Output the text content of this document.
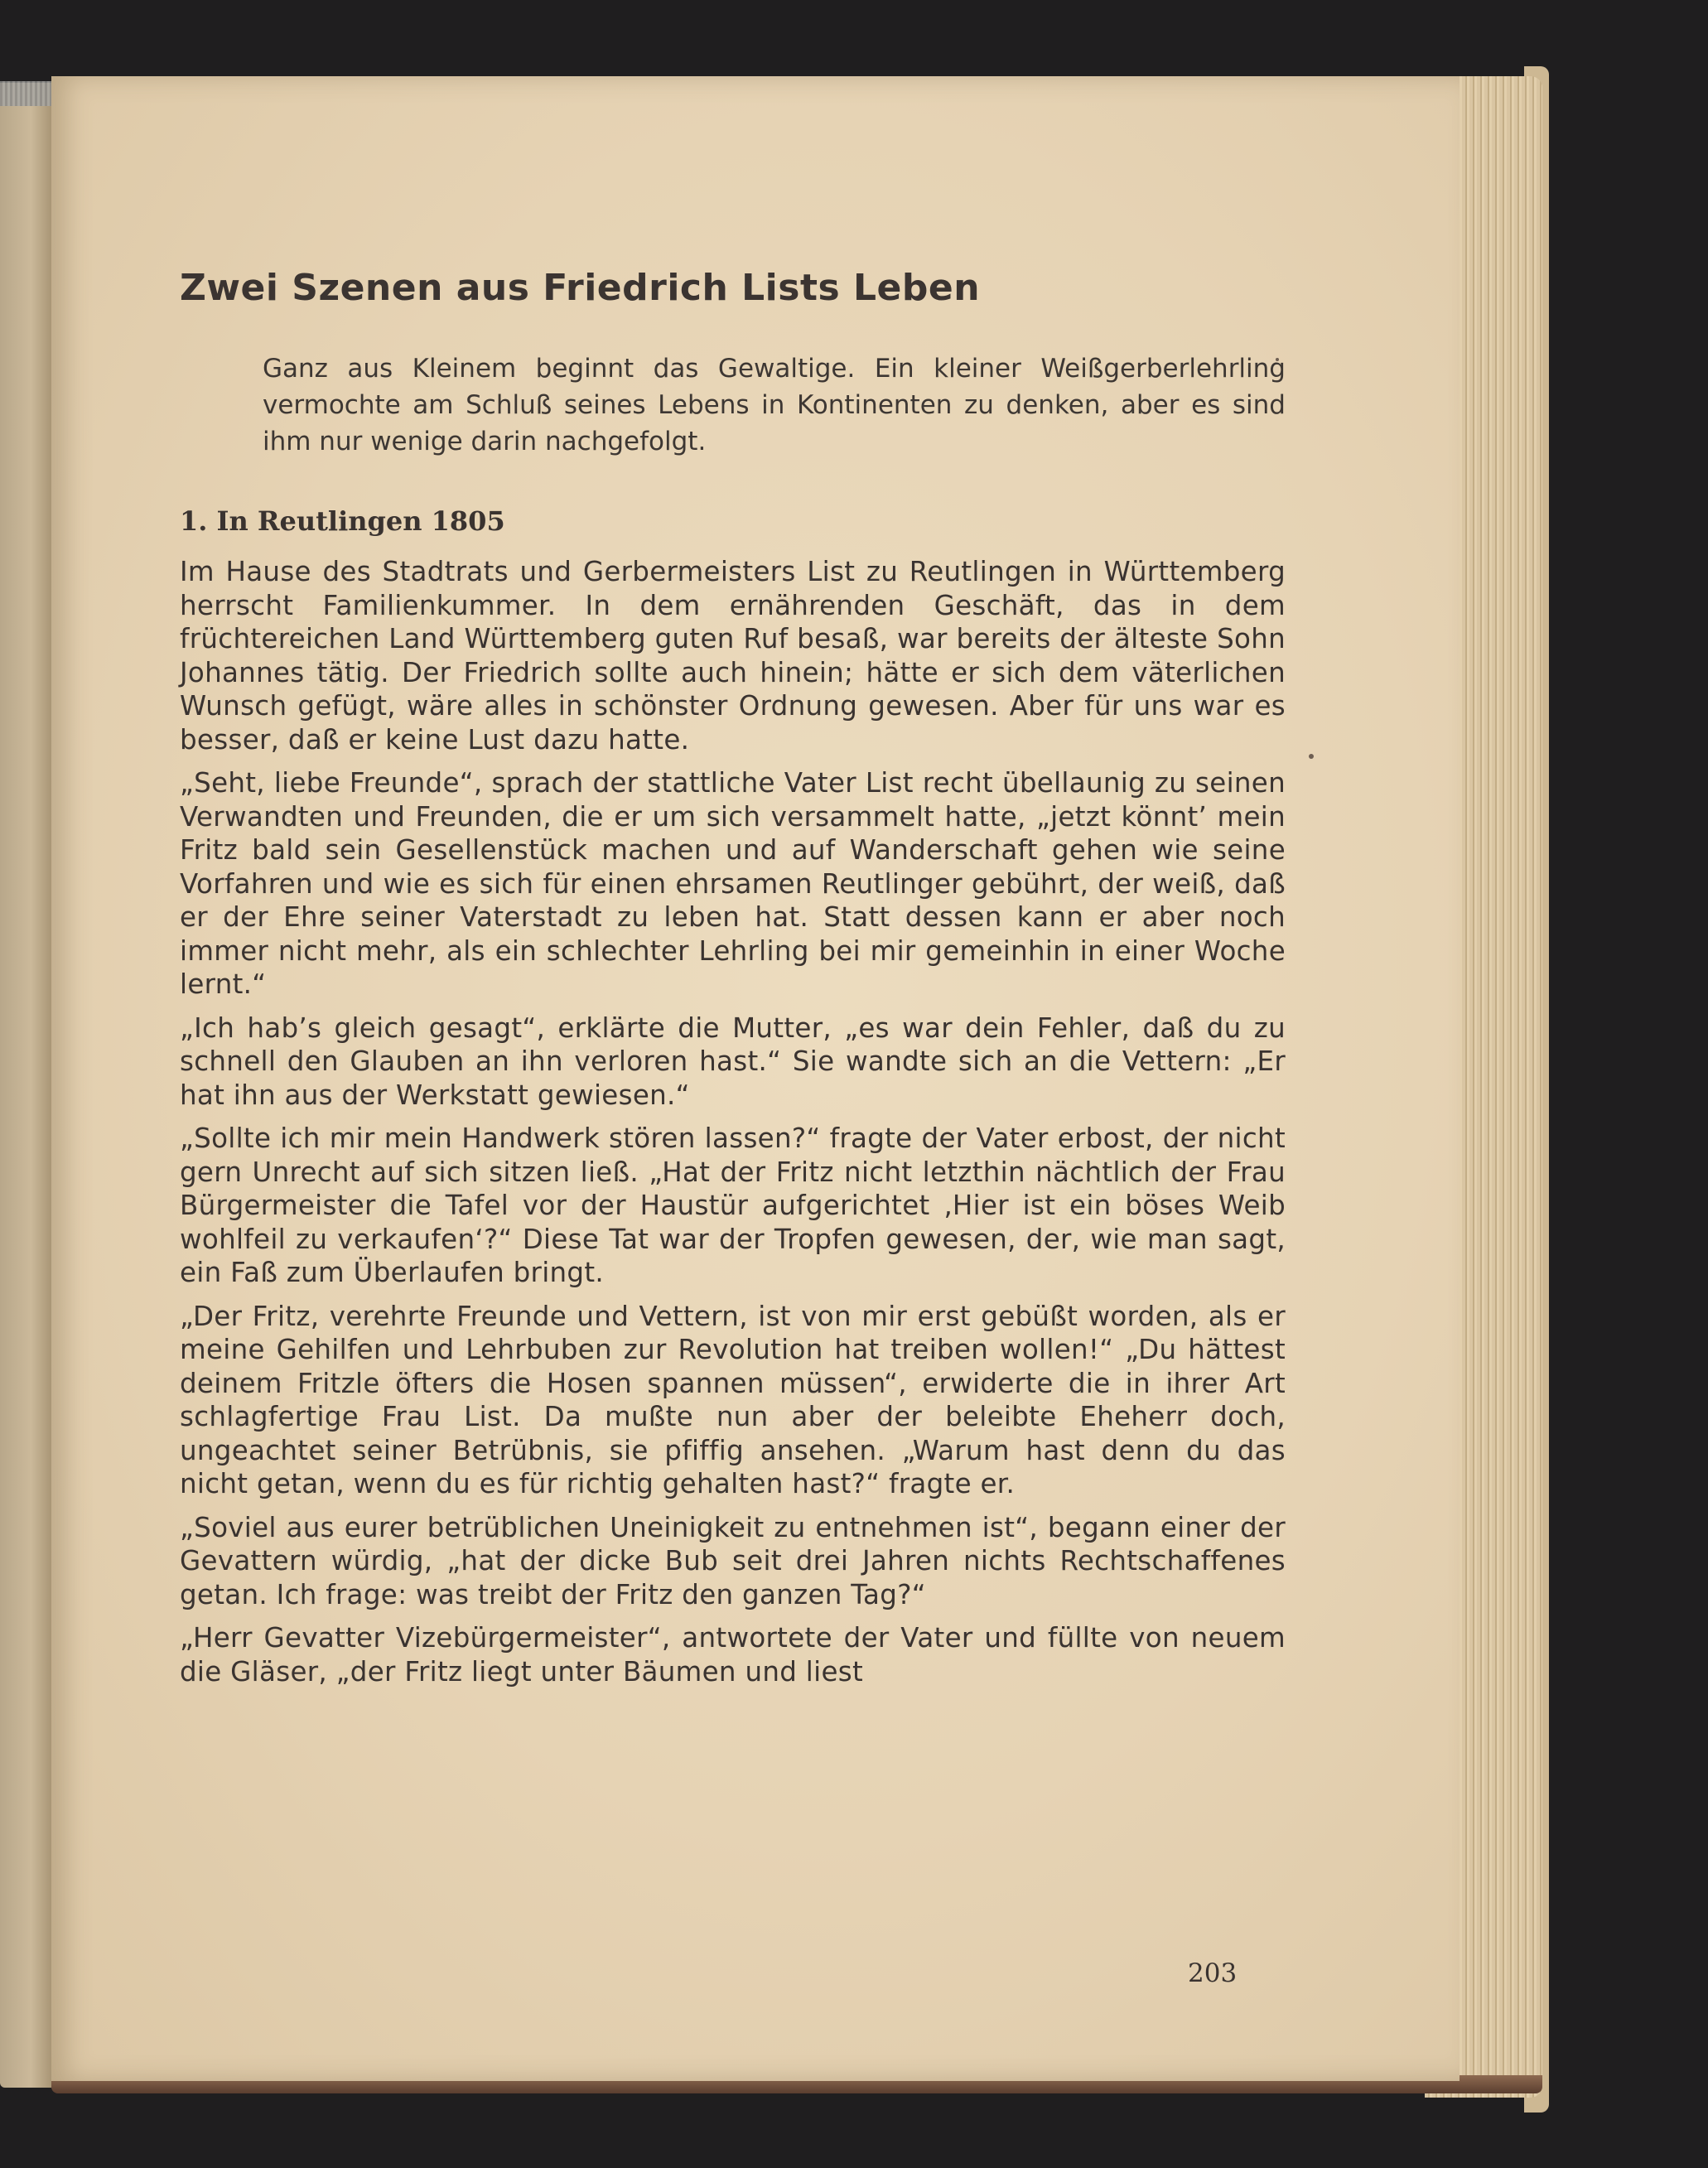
Zwei Szenen aus Friedrich Lists Leben

Ganz aus Kleinem beginnt das Gewaltige. Ein kleiner Weißgerberlehrling vermochte am Schluß seines Lebens in Kontinenten zu denken, aber es sind ihm nur wenige darin nachgefolgt.

1. In Reutlingen 1805

Im Hause des Stadtrats und Gerbermeisters List zu Reutlingen in Württemberg herrscht Familienkummer. In dem ernährenden Geschäft, das in dem früchtereichen Land Württemberg guten Ruf besaß, war bereits der älteste Sohn Johannes tätig. Der Friedrich sollte auch hinein; hätte er sich dem väterlichen Wunsch gefügt, wäre alles in schönster Ordnung gewesen. Aber für uns war es besser, daß er keine Lust dazu hatte.

„Seht, liebe Freunde“, sprach der stattliche Vater List recht übellaunig zu seinen Verwandten und Freunden, die er um sich versammelt hatte, „jetzt könnt’ mein Fritz bald sein Gesellenstück machen und auf Wanderschaft gehen wie seine Vorfahren und wie es sich für einen ehrsamen Reutlinger gebührt, der weiß, daß er der Ehre seiner Vaterstadt zu leben hat. Statt dessen kann er aber noch immer nicht mehr, als ein schlechter Lehrling bei mir gemeinhin in einer Woche lernt.“

„Ich hab’s gleich gesagt“, erklärte die Mutter, „es war dein Fehler, daß du zu schnell den Glauben an ihn verloren hast.“ Sie wandte sich an die Vettern: „Er hat ihn aus der Werkstatt gewiesen.“

„Sollte ich mir mein Handwerk stören lassen?“ fragte der Vater erbost, der nicht gern Unrecht auf sich sitzen ließ. „Hat der Fritz nicht letzthin nächtlich der Frau Bürgermeister die Tafel vor der Haustür aufgerichtet ‚Hier ist ein böses Weib wohlfeil zu verkaufen‘?“ Diese Tat war der Tropfen gewesen, der, wie man sagt, ein Faß zum Überlaufen bringt.

„Der Fritz, verehrte Freunde und Vettern, ist von mir erst gebüßt worden, als er meine Gehilfen und Lehrbuben zur Revolution hat treiben wollen!“ „Du hättest deinem Fritzle öfters die Hosen spannen müssen“, erwiderte die in ihrer Art schlagfertige Frau List. Da mußte nun aber der beleibte Eheherr doch, ungeachtet seiner Betrübnis, sie pfiffig ansehen. „Warum hast denn du das nicht getan, wenn du es für richtig gehalten hast?“ fragte er.

„Soviel aus eurer betrüblichen Uneinigkeit zu entnehmen ist“, begann einer der Gevattern würdig, „hat der dicke Bub seit drei Jahren nichts Rechtschaffenes getan. Ich frage: was treibt der Fritz den ganzen Tag?“

„Herr Gevatter Vizebürgermeister“, antwortete der Vater und füllte von neuem die Gläser, „der Fritz liegt unter Bäumen und liest

203
